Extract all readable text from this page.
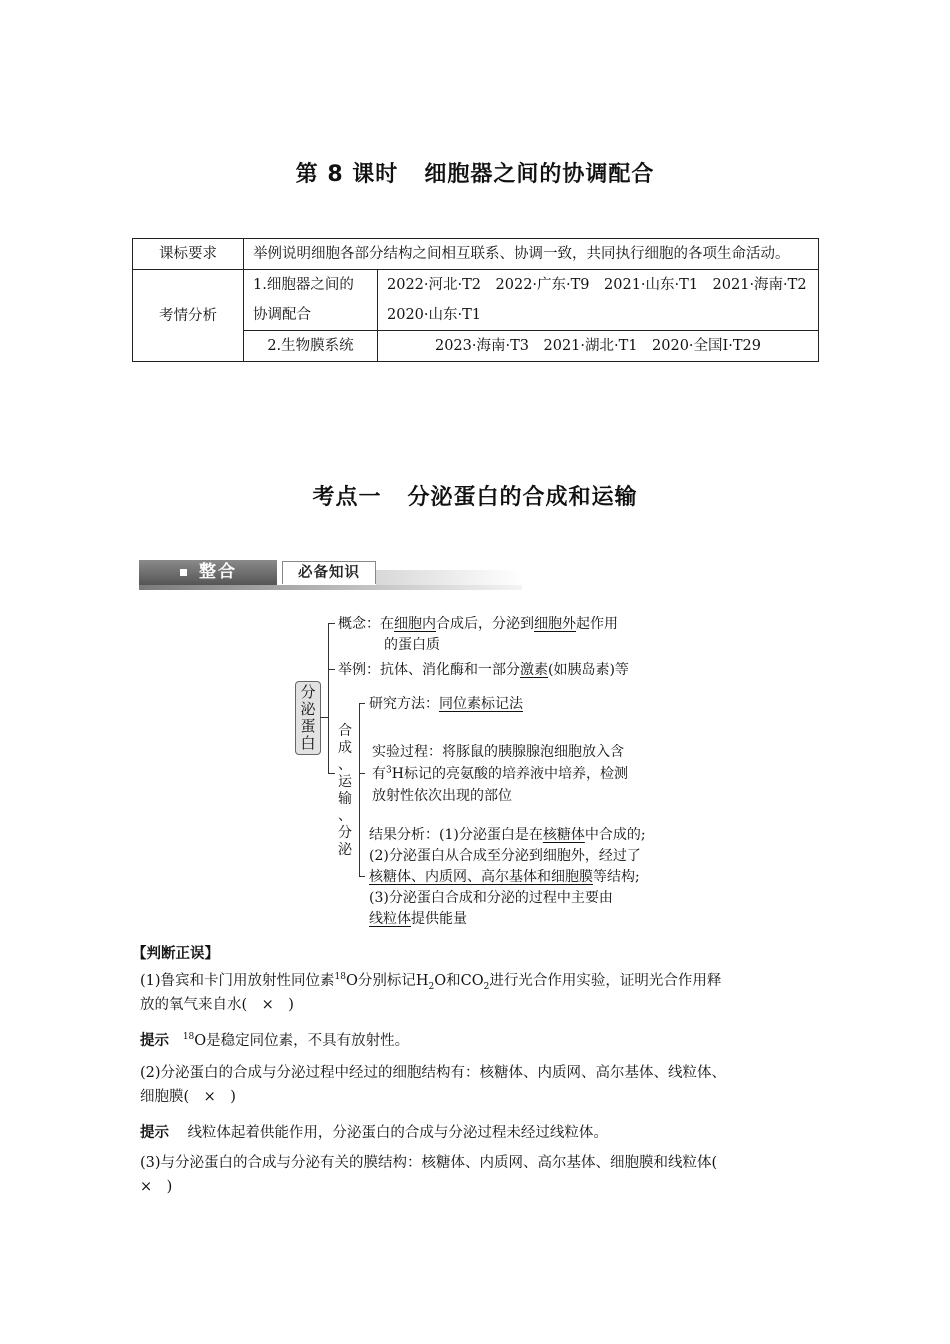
第 8 课时 细胞器之间的协调配合
课标要求	举例说明细胞各部分结构之间相互联系、协调一致，共同执行细胞的各项生命活动。	
考情分析	1.细胞器之间的协调配合	2022·河北·T2　2022·广东·T9　2021·山东·T1　2021·海南·T2
2020·山东·T1

	2.生物膜系统	2023·海南·T3　2021·湖北·T1　2020·全国Ⅰ·T29
考点一 分泌蛋白的合成和运输
整合	必备知识
分
泌
蛋
白
概念：在细胞内合成后，分泌到细胞外起作用
的蛋白质
举例：抗体、消化酶和一部分激素(如胰岛素)等
合
成
、
运
输
、
分
泌
研究方法：同位素标记法
实验过程：将豚鼠的胰腺腺泡细胞放入含
有$^3$H标记的亮氨酸的培养液中培养，检测
放射性依次出现的部位
结果分析：(1)分泌蛋白是在核糖体中合成的;
(2)分泌蛋白从合成至分泌到细胞外，经过了
核糖体、内质网、高尔基体和细胞膜等结构;
(3)分泌蛋白合成和分泌的过程中主要由
线粒体提供能量
【判断正误】
(1)鲁宾和卡门用放射性同位素$^{18}$O分别标记$H_2O$和$CO_2$进行光合作用实验，证明光合作用释
放的氧气来自水(　×　)
提示 $^{18}$O是稳定同位素，不具有放射性。
(2)分泌蛋白的合成与分泌过程中经过的细胞结构有：核糖体、内质网、高尔基体、线粒体、
细胞膜(　×　)
提示 线粒体起着供能作用，分泌蛋白的合成与分泌过程未经过线粒体。
(3)与分泌蛋白的合成与分泌有关的膜结构：核糖体、内质网、高尔基体、细胞膜和线粒体(
×　)
